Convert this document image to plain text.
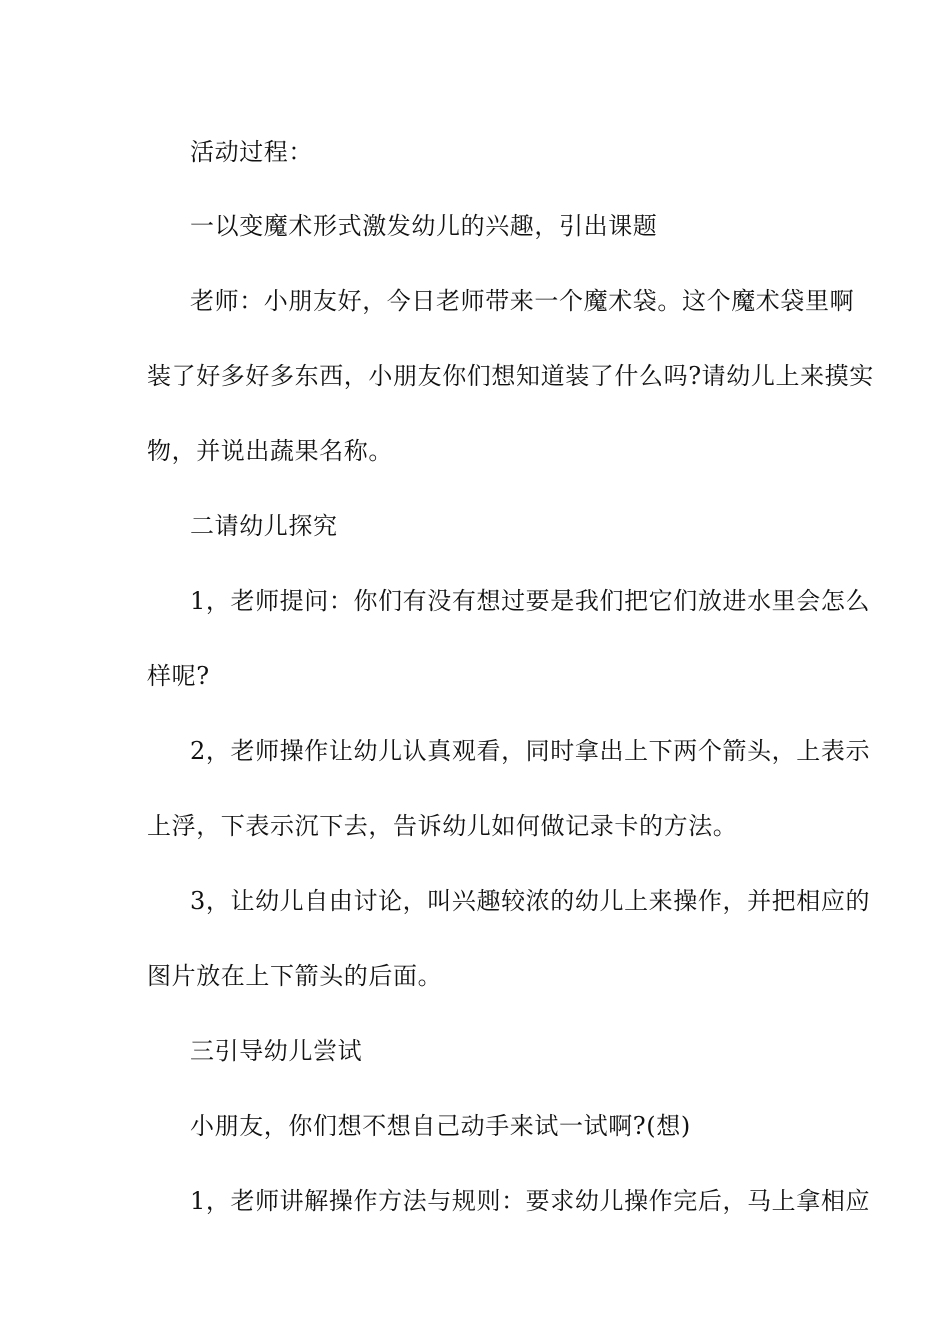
活动过程：
一以变魔术形式激发幼儿的兴趣，引出课题
老师：小朋友好，今日老师带来一个魔术袋。这个魔术袋里啊
装了好多好多东西，小朋友你们想知道装了什么吗?请幼儿上来摸实
物，并说出蔬果名称。
二请幼儿探究
1，老师提问：你们有没有想过要是我们把它们放进水里会怎么
样呢?
2，老师操作让幼儿认真观看，同时拿出上下两个箭头，上表示
上浮，下表示沉下去，告诉幼儿如何做记录卡的方法。
3，让幼儿自由讨论，叫兴趣较浓的幼儿上来操作，并把相应的
图片放在上下箭头的后面。
三引导幼儿尝试
小朋友，你们想不想自己动手来试一试啊?(想)
1，老师讲解操作方法与规则：要求幼儿操作完后，马上拿相应
